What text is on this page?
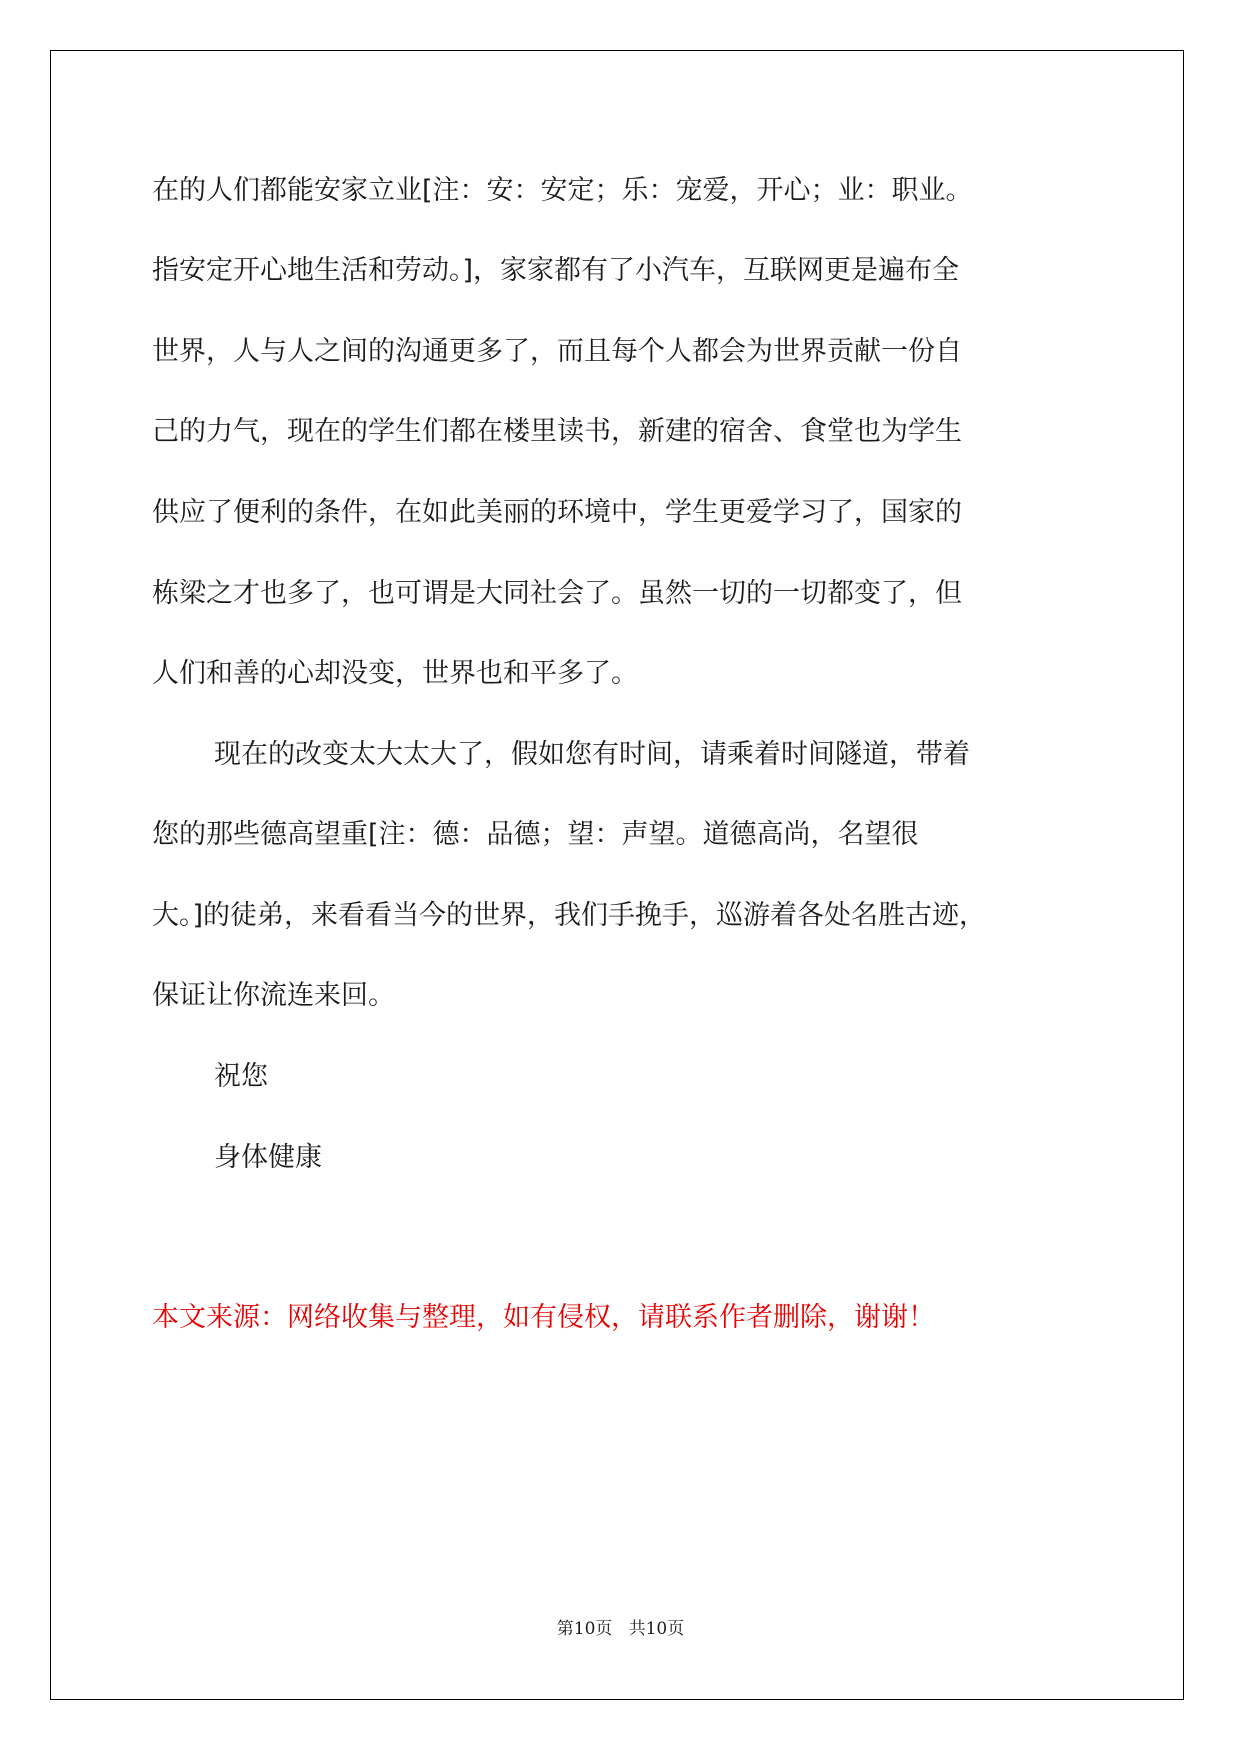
在的人们都能安家立业[注：安：安定；乐：宠爱，开心；业：职业。

指安定开心地生活和劳动。]，家家都有了小汽车，互联网更是遍布全

世界，人与人之间的沟通更多了，而且每个人都会为世界贡献一份自

己的力气，现在的学生们都在楼里读书，新建的宿舍、食堂也为学生

供应了便利的条件，在如此美丽的环境中，学生更爱学习了，国家的

栋梁之才也多了，也可谓是大同社会了。虽然一切的一切都变了，但

人们和善的心却没变，世界也和平多了。

现在的改变太大太大了，假如您有时间，请乘着时间隧道，带着

您的那些德高望重[注：德：品德；望：声望。道德高尚，名望很

大。]的徒弟，来看看当今的世界，我们手挽手，巡游着各处名胜古迹，

保证让你流连来回。

祝您

身体健康

本文来源：网络收集与整理，如有侵权，请联系作者删除，谢谢！

第10页 共10页
